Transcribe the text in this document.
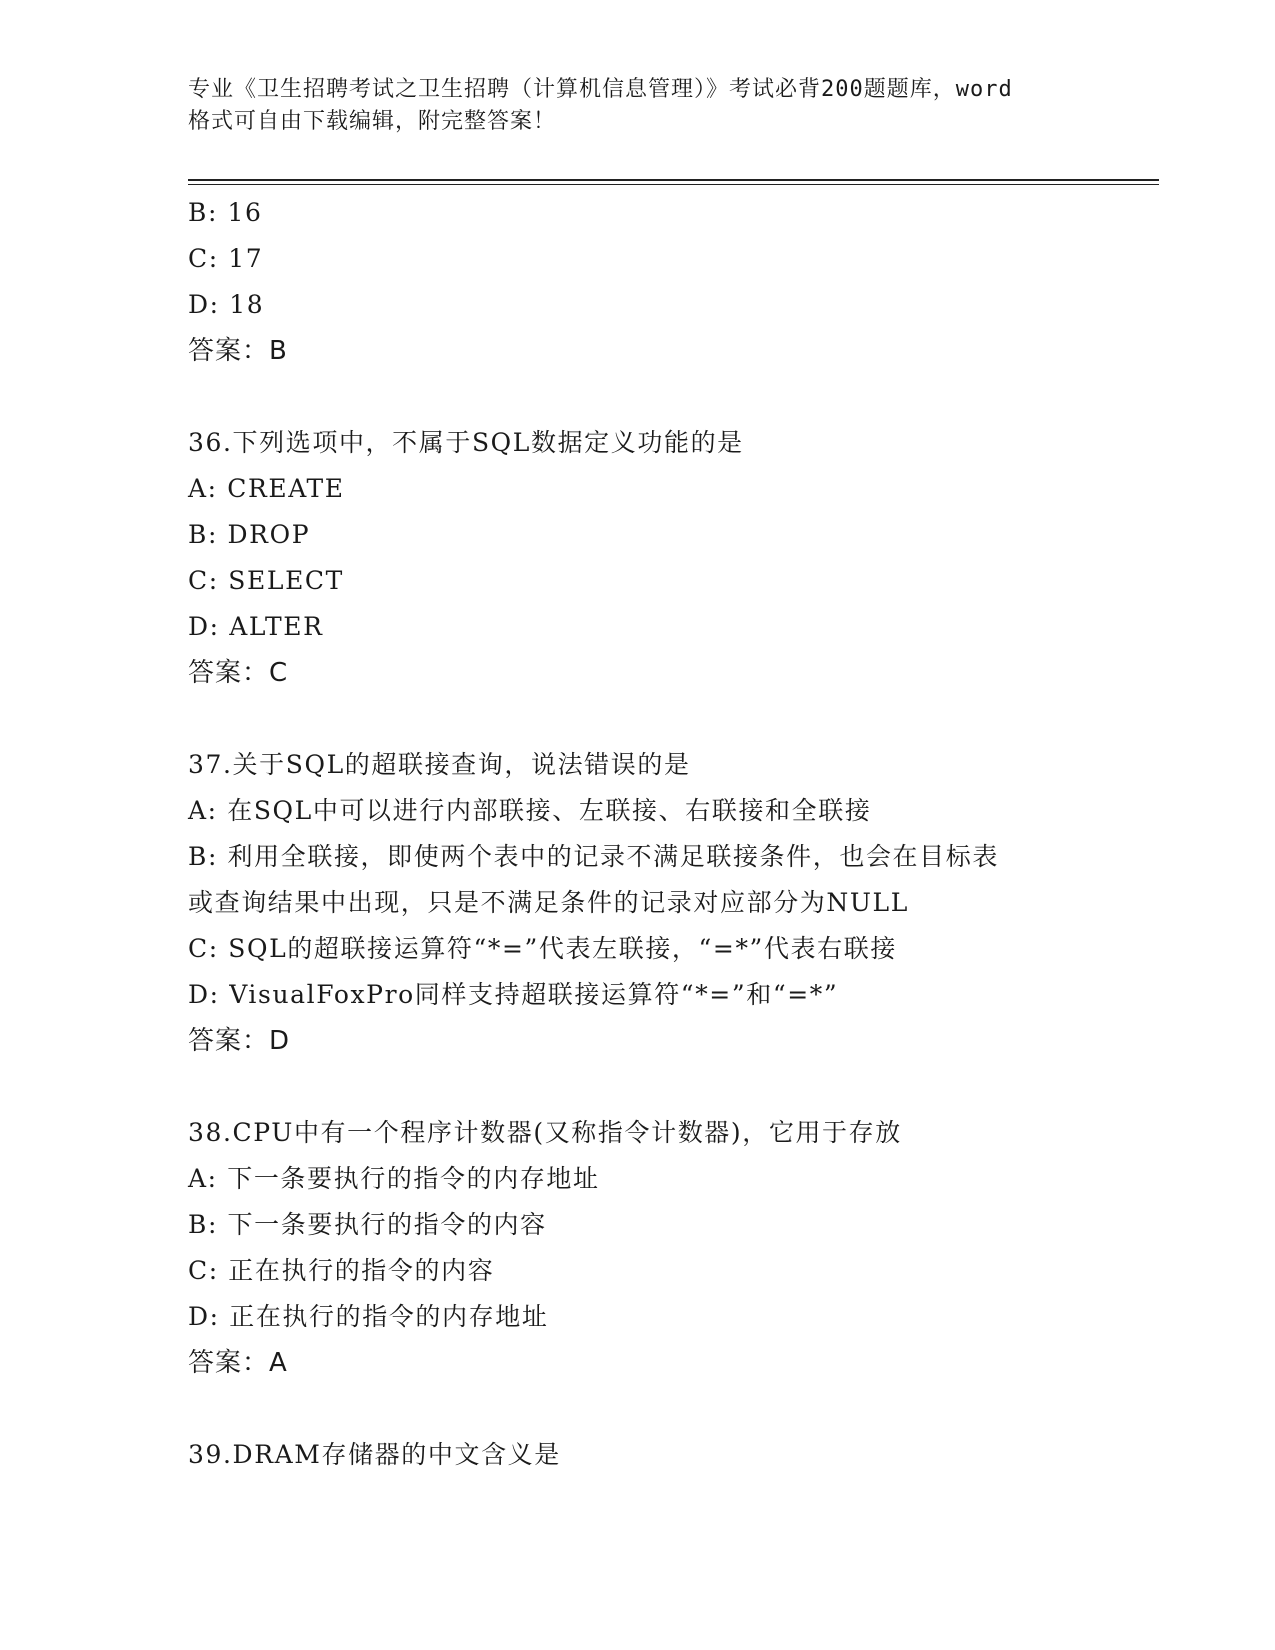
专业《卫生招聘考试之卫生招聘（计算机信息管理）》考试必背200题题库，word
格式可自由下载编辑，附完整答案！
B: 16
C: 17
D: 18
答案：B
36.下列选项中，不属于SQL数据定义功能的是
A: CREATE
B: DROP
C: SELECT
D: ALTER
答案：C
37.关于SQL的超联接查询，说法错误的是
A: 在SQL中可以进行内部联接、左联接、右联接和全联接
B: 利用全联接，即使两个表中的记录不满足联接条件，也会在目标表
或查询结果中出现，只是不满足条件的记录对应部分为NULL
C: SQL的超联接运算符“*=”代表左联接，“=*”代表右联接
D: VisualFoxPro同样支持超联接运算符“*=”和“=*”
答案：D
38.CPU中有一个程序计数器(又称指令计数器)，它用于存放
A: 下一条要执行的指令的内存地址
B: 下一条要执行的指令的内容
C: 正在执行的指令的内容
D: 正在执行的指令的内存地址
答案：A
39.DRAM存储器的中文含义是
